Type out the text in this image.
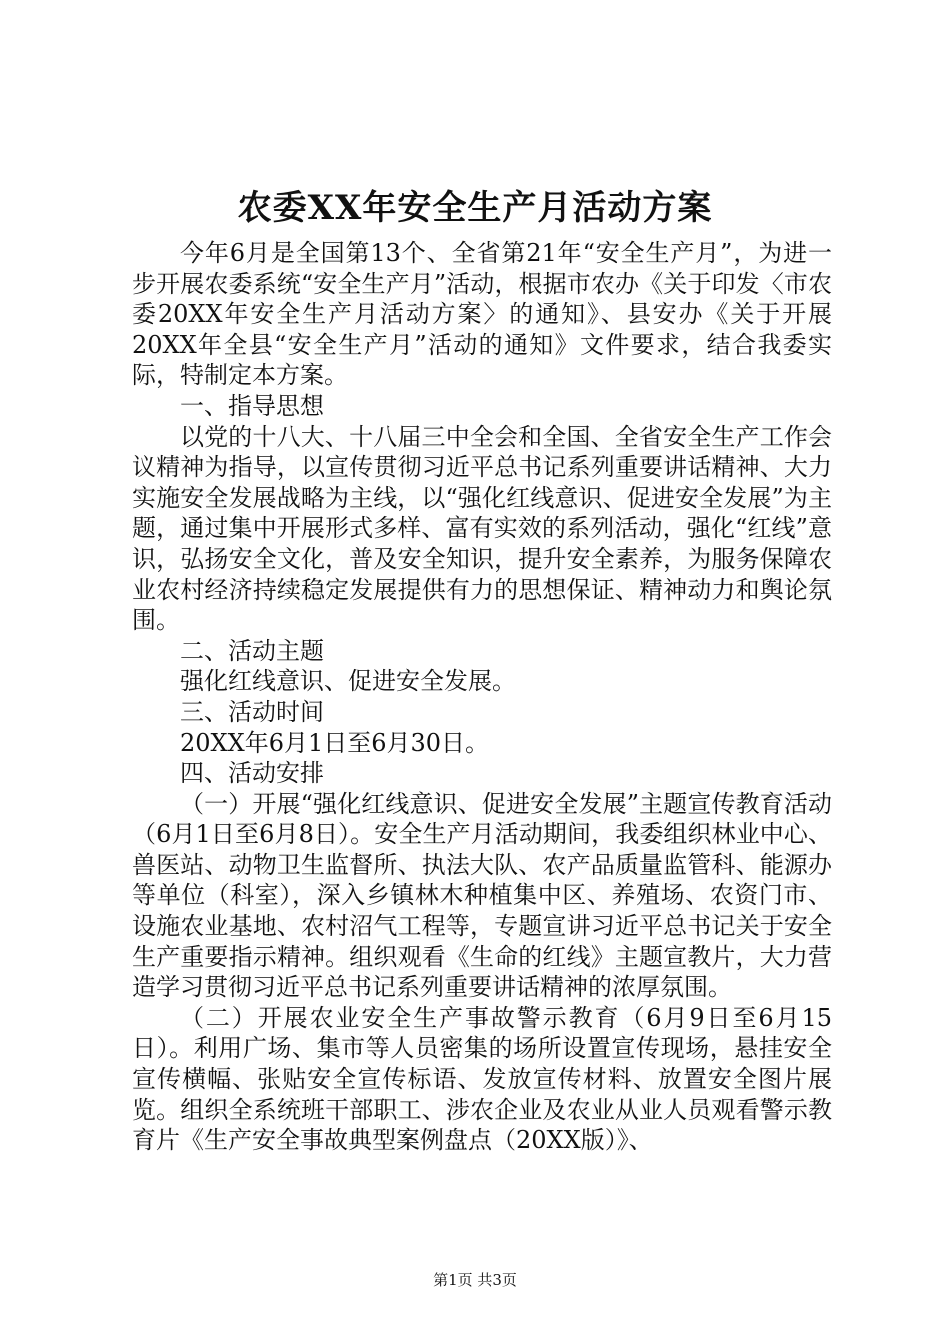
农委XX年安全生产月活动方案

今年6月是全国第13个、全省第21年“安全生产月”，为进一步开展农委系统“安全生产月”活动，根据市农办《关于印发〈市农委20XX年安全生产月活动方案〉的通知》、县安办《关于开展20XX年全县“安全生产月”活动的通知》文件要求，结合我委实际，特制定本方案。

一、指导思想

以党的十八大、十八届三中全会和全国、全省安全生产工作会议精神为指导，以宣传贯彻习近平总书记系列重要讲话精神、大力实施安全发展战略为主线，以“强化红线意识、促进安全发展”为主题，通过集中开展形式多样、富有实效的系列活动，强化“红线”意识，弘扬安全文化，普及安全知识，提升安全素养，为服务保障农业农村经济持续稳定发展提供有力的思想保证、精神动力和舆论氛围。

二、活动主题

强化红线意识、促进安全发展。

三、活动时间

20XX年6月1日至6月30日。

四、活动安排

（一）开展“强化红线意识、促进安全发展”主题宣传教育活动（6月1日至6月8日）。安全生产月活动期间，我委组织林业中心、兽医站、动物卫生监督所、执法大队、农产品质量监管科、能源办等单位（科室），深入乡镇林木种植集中区、养殖场、农资门市、设施农业基地、农村沼气工程等，专题宣讲习近平总书记关于安全生产重要指示精神。组织观看《生命的红线》主题宣教片，大力营造学习贯彻习近平总书记系列重要讲话精神的浓厚氛围。

（二）开展农业安全生产事故警示教育（6月9日至6月15日）。利用广场、集市等人员密集的场所设置宣传现场，悬挂安全宣传横幅、张贴安全宣传标语、发放宣传材料、放置安全图片展览。组织全系统班干部职工、涉农企业及农业从业人员观看警示教育片《生产安全事故典型案例盘点（20XX版）》、

第1页 共3页
